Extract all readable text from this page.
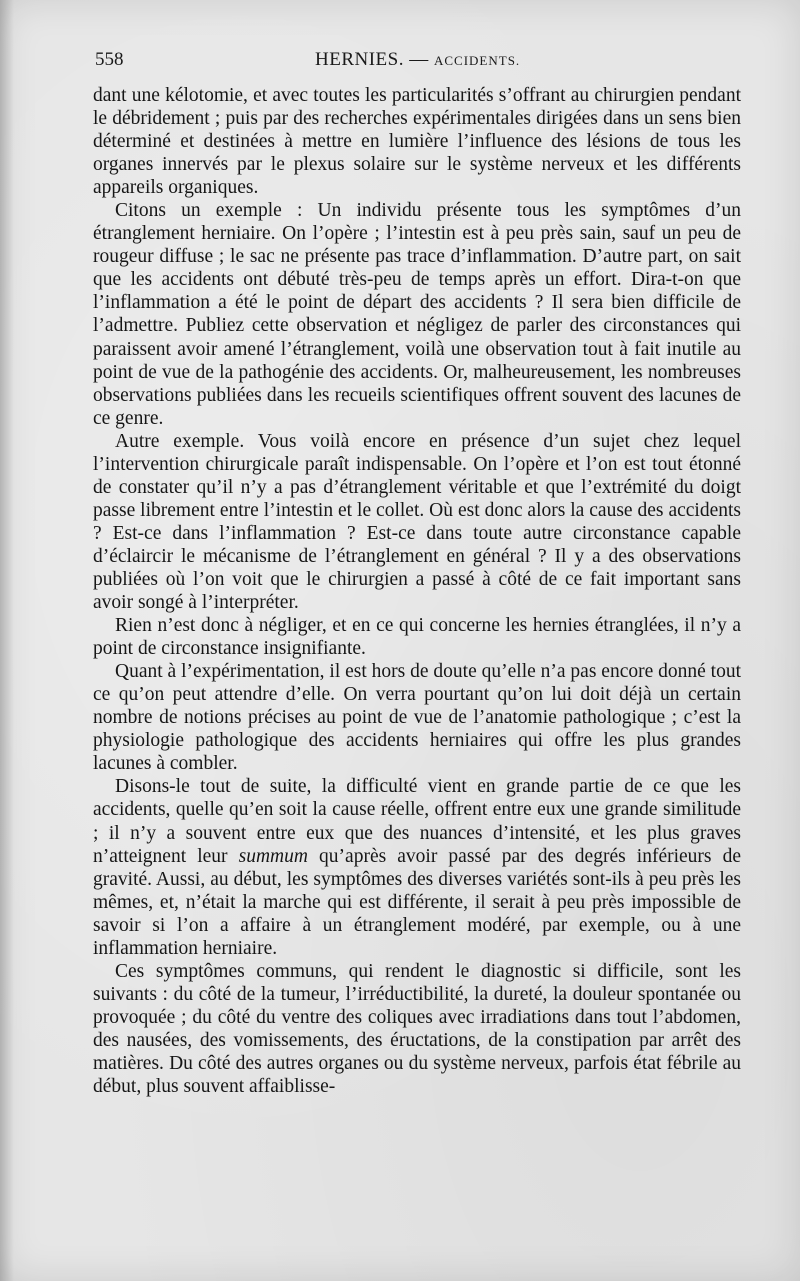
558	HERNIES. — ACCIDENTS.

dant une kélotomie, et avec toutes les particularités s’offrant au chirurgien pendant le débridement ; puis par des recherches expérimentales dirigées dans un sens bien déterminé et destinées à mettre en lumière l’influence des lésions de tous les organes innervés par le plexus solaire sur le système nerveux et les différents appareils organiques.

Citons un exemple : Un individu présente tous les symptômes d’un étranglement herniaire. On l’opère ; l’intestin est à peu près sain, sauf un peu de rougeur diffuse ; le sac ne présente pas trace d’inflammation. D’autre part, on sait que les accidents ont débuté très-peu de temps après un effort. Dira-t-on que l’inflammation a été le point de départ des accidents ? Il sera bien difficile de l’admettre. Publiez cette observation et négligez de parler des circonstances qui paraissent avoir amené l’étranglement, voilà une observation tout à fait inutile au point de vue de la pathogénie des accidents. Or, malheureusement, les nombreuses observations publiées dans les recueils scientifiques offrent souvent des lacunes de ce genre.

Autre exemple. Vous voilà encore en présence d’un sujet chez lequel l’intervention chirurgicale paraît indispensable. On l’opère et l’on est tout étonné de constater qu’il n’y a pas d’étranglement véritable et que l’extrémité du doigt passe librement entre l’intestin et le collet. Où est donc alors la cause des accidents ? Est-ce dans l’inflammation ? Est-ce dans toute autre circonstance capable d’éclaircir le mécanisme de l’étranglement en général ? Il y a des observations publiées où l’on voit que le chirurgien a passé à côté de ce fait important sans avoir songé à l’interpréter.

Rien n’est donc à négliger, et en ce qui concerne les hernies étranglées, il n’y a point de circonstance insignifiante.

Quant à l’expérimentation, il est hors de doute qu’elle n’a pas encore donné tout ce qu’on peut attendre d’elle. On verra pourtant qu’on lui doit déjà un certain nombre de notions précises au point de vue de l’anatomie pathologique ; c’est la physiologie pathologique des accidents herniaires qui offre les plus grandes lacunes à combler.

Disons-le tout de suite, la difficulté vient en grande partie de ce que les accidents, quelle qu’en soit la cause réelle, offrent entre eux une grande similitude ; il n’y a souvent entre eux que des nuances d’intensité, et les plus graves n’atteignent leur summum qu’après avoir passé par des degrés inférieurs de gravité. Aussi, au début, les symptômes des diverses variétés sont-ils à peu près les mêmes, et, n’était la marche qui est différente, il serait à peu près impossible de savoir si l’on a affaire à un étranglement modéré, par exemple, ou à une inflammation herniaire.

Ces symptômes communs, qui rendent le diagnostic si difficile, sont les suivants : du côté de la tumeur, l’irréductibilité, la dureté, la douleur spontanée ou provoquée ; du côté du ventre des coliques avec irradiations dans tout l’abdomen, des nausées, des vomissements, des éructations, de la constipation par arrêt des matières. Du côté des autres organes ou du système nerveux, parfois état fébrile au début, plus souvent affaiblisse-
